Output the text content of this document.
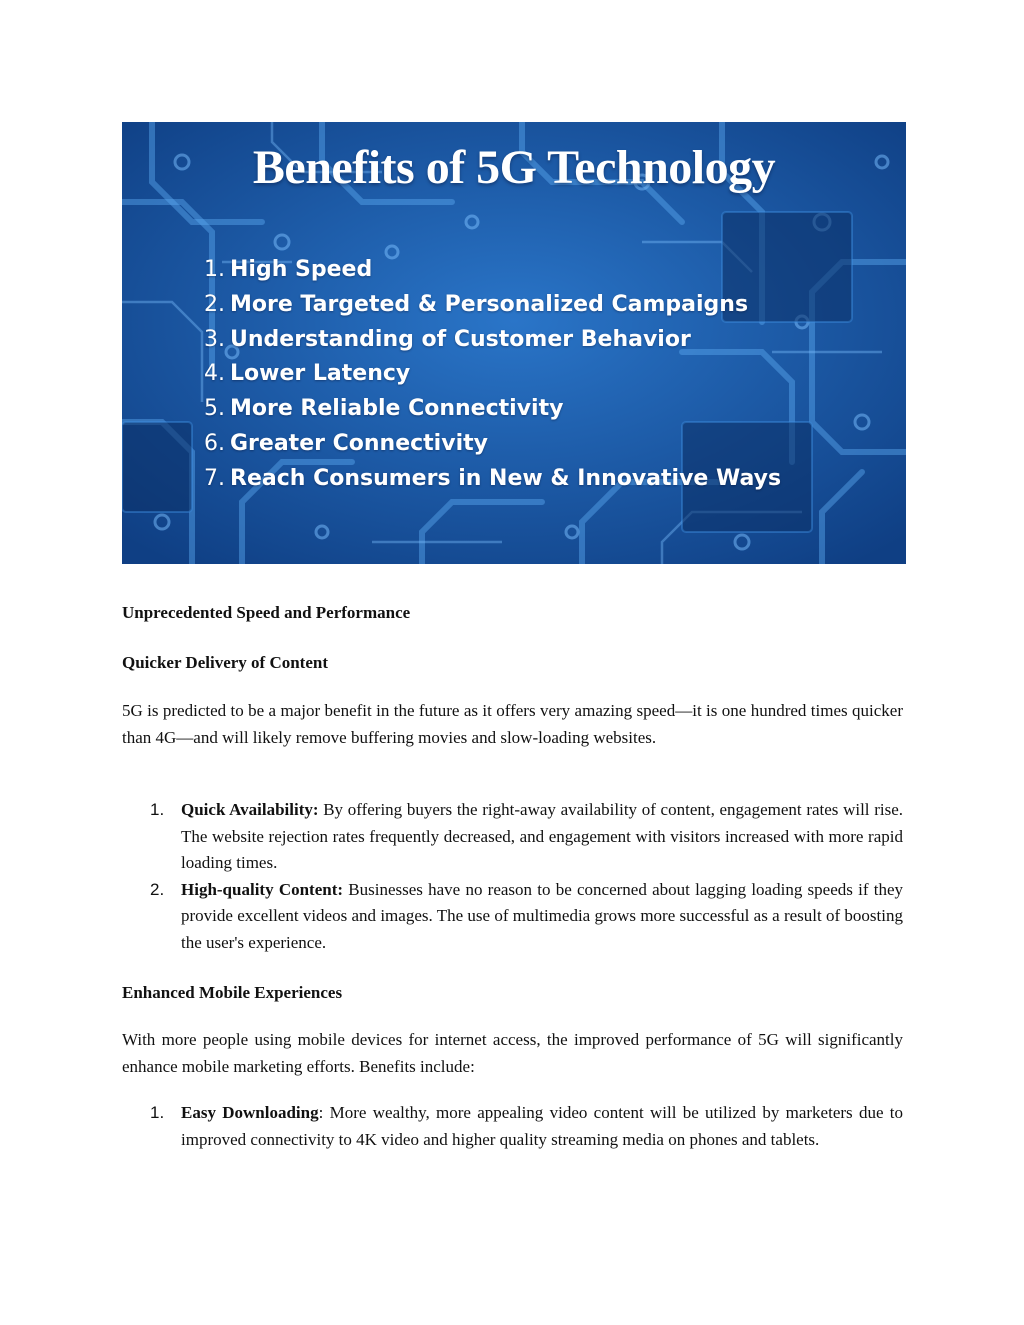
Benefits of 5G Technology
1. High Speed
2. More Targeted & Personalized Campaigns
3. Understanding of Customer Behavior
4. Lower Latency
5. More Reliable Connectivity
6. Greater Connectivity
7. Reach Consumers in New & Innovative Ways
Unprecedented Speed and Performance
Quicker Delivery of Content

5G is predicted to be a major benefit in the future as it offers very amazing speed—it is one hundred times quicker than 4G—and will likely remove buffering movies and slow-loading websites.

1. Quick Availability: By offering buyers the right-away availability of content, engagement rates will rise. The website rejection rates frequently decreased, and engagement with visitors increased with more rapid loading times.
2. High-quality Content: Businesses have no reason to be concerned about lagging loading speeds if they provide excellent videos and images. The use of multimedia grows more successful as a result of boosting the user's experience.
Enhanced Mobile Experiences

With more people using mobile devices for internet access, the improved performance of 5G will significantly enhance mobile marketing efforts. Benefits include:

1. Easy Downloading: More wealthy, more appealing video content will be utilized by marketers due to improved connectivity to 4K video and higher quality streaming media on phones and tablets.
